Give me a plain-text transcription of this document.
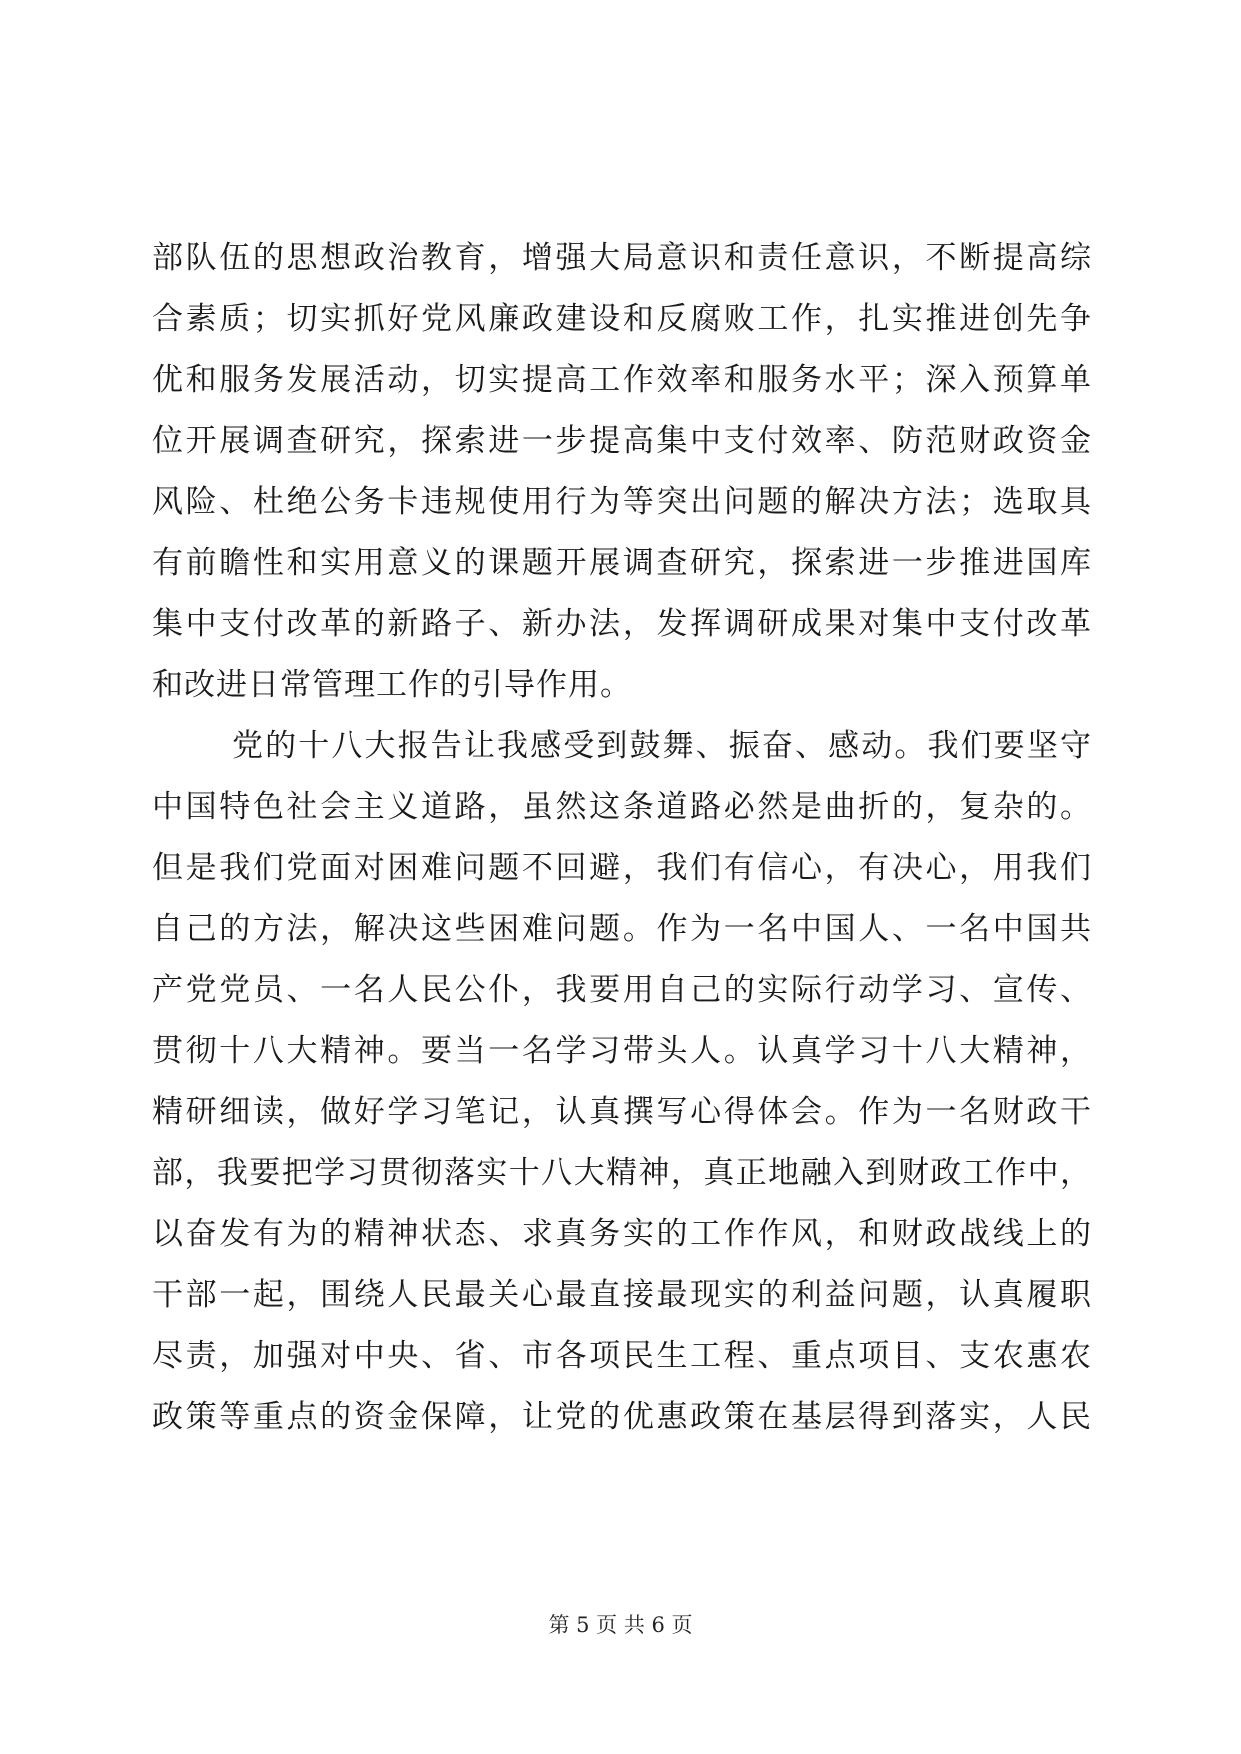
部队伍的思想政治教育，增强大局意识和责任意识，不断提高综
合素质；切实抓好党风廉政建设和反腐败工作，扎实推进创先争
优和服务发展活动，切实提高工作效率和服务水平；深入预算单
位开展调查研究，探索进一步提高集中支付效率、防范财政资金
风险、杜绝公务卡违规使用行为等突出问题的解决方法；选取具
有前瞻性和实用意义的课题开展调查研究，探索进一步推进国库
集中支付改革的新路子、新办法，发挥调研成果对集中支付改革
和改进日常管理工作的引导作用。
党的十八大报告让我感受到鼓舞、振奋、感动。我们要坚守
中国特色社会主义道路，虽然这条道路必然是曲折的，复杂的。
但是我们党面对困难问题不回避，我们有信心，有决心，用我们
自己的方法，解决这些困难问题。作为一名中国人、一名中国共
产党党员、一名人民公仆，我要用自己的实际行动学习、宣传、
贯彻十八大精神。要当一名学习带头人。认真学习十八大精神，
精研细读，做好学习笔记，认真撰写心得体会。作为一名财政干
部，我要把学习贯彻落实十八大精神，真正地融入到财政工作中，
以奋发有为的精神状态、求真务实的工作作风，和财政战线上的
干部一起，围绕人民最关心最直接最现实的利益问题，认真履职
尽责，加强对中央、省、市各项民生工程、重点项目、支农惠农
政策等重点的资金保障，让党的优惠政策在基层得到落实，人民
第 5 页 共 6 页
